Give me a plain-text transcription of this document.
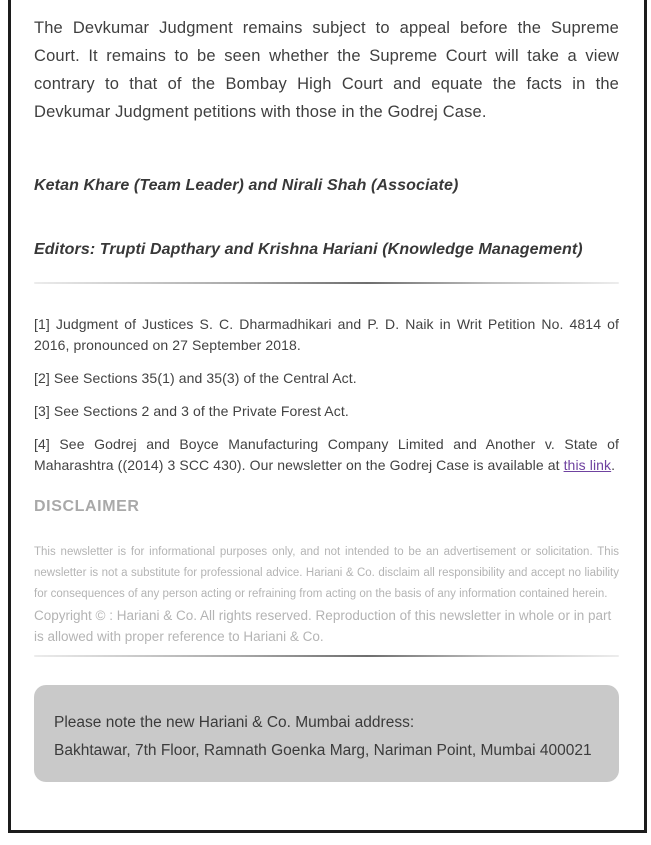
The Devkumar Judgment remains subject to appeal before the Supreme Court. It remains to be seen whether the Supreme Court will take a view contrary to that of the Bombay High Court and equate the facts in the Devkumar Judgment petitions with those in the Godrej Case.

Ketan Khare (Team Leader) and Nirali Shah (Associate)

Editors: Trupti Dapthary and Krishna Hariani (Knowledge Management)

[1] Judgment of Justices S. C. Dharmadhikari and P. D. Naik in Writ Petition No. 4814 of 2016, pronounced on 27 September 2018.

[2] See Sections 35(1) and 35(3) of the Central Act.

[3] See Sections 2 and 3 of the Private Forest Act.

[4] See Godrej and Boyce Manufacturing Company Limited and Another v. State of Maharashtra ((2014) 3 SCC 430). Our newsletter on the Godrej Case is available at this link.

DISCLAIMER

This newsletter is for informational purposes only, and not intended to be an advertisement or solicitation. This newsletter is not a substitute for professional advice. Hariani & Co. disclaim all responsibility and accept no liability for consequences of any person acting or refraining from acting on the basis of any information contained herein.

Copyright © : Hariani & Co. All rights reserved. Reproduction of this newsletter in whole or in part is allowed with proper reference to Hariani & Co.

Please note the new Hariani & Co. Mumbai address:

Bakhtawar, 7th Floor, Ramnath Goenka Marg, Nariman Point, Mumbai 400021
